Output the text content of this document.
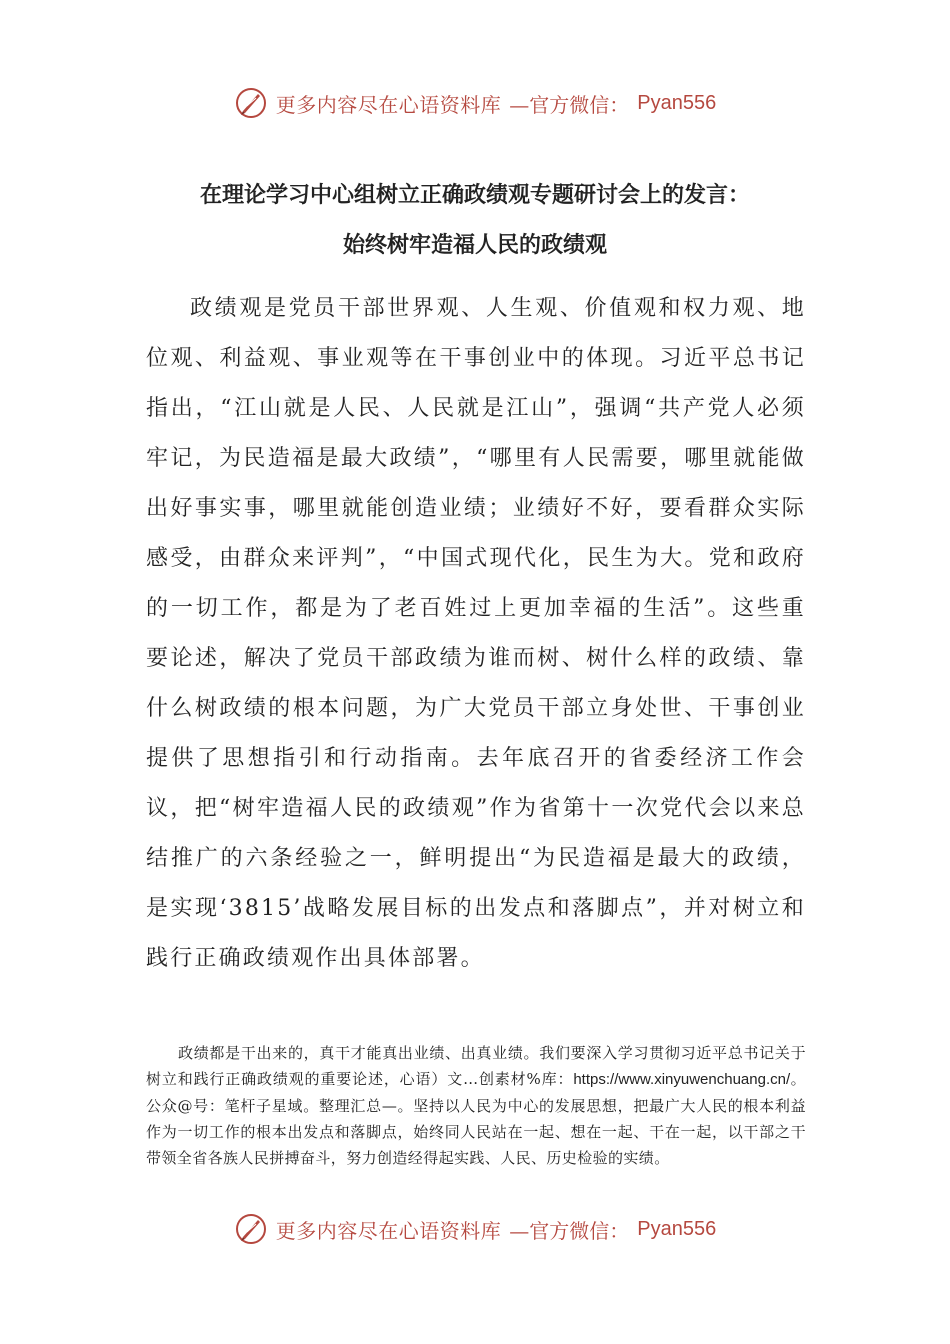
更多内容尽在心语资料库 —官方微信： Pyan556
在理论学习中心组树立正确政绩观专题研讨会上的发言：
始终树牢造福人民的政绩观

政绩观是党员干部世界观、人生观、价值观和权力观、地位观、利益观、事业观等在干事创业中的体现。习近平总书记指出，“江山就是人民、人民就是江山”，强调“共产党人必须牢记，为民造福是最大政绩”，“哪里有人民需要，哪里就能做出好事实事，哪里就能创造业绩；业绩好不好，要看群众实际感受，由群众来评判”，“中国式现代化，民生为大。党和政府的一切工作，都是为了老百姓过上更加幸福的生活”。这些重要论述，解决了党员干部政绩为谁而树、树什么样的政绩、靠什么树政绩的根本问题，为广大党员干部立身处世、干事创业提供了思想指引和行动指南。去年底召开的省委经济工作会议，把“树牢造福人民的政绩观”作为省第十一次党代会以来总结推广的六条经验之一，鲜明提出“为民造福是最大的政绩，是实现‘3815’战略发展目标的出发点和落脚点”，并对树立和践行正确政绩观作出具体部署。

政绩都是干出来的，真干才能真出业绩、出真业绩。我们要深入学习贯彻习近平总书记关于树立和践行正确政绩观的重要论述，心语）文…创素材%库：https://www.xinyuwenchuang.cn/。公众@号：笔杆子星域。整理汇总—。坚持以人民为中心的发展思想，把最广大人民的根本利益作为一切工作的根本出发点和落脚点，始终同人民站在一起、想在一起、干在一起，以干部之干带领全省各族人民拼搏奋斗，努力创造经得起实践、人民、历史检验的实绩。

更多内容尽在心语资料库 —官方微信： Pyan556
